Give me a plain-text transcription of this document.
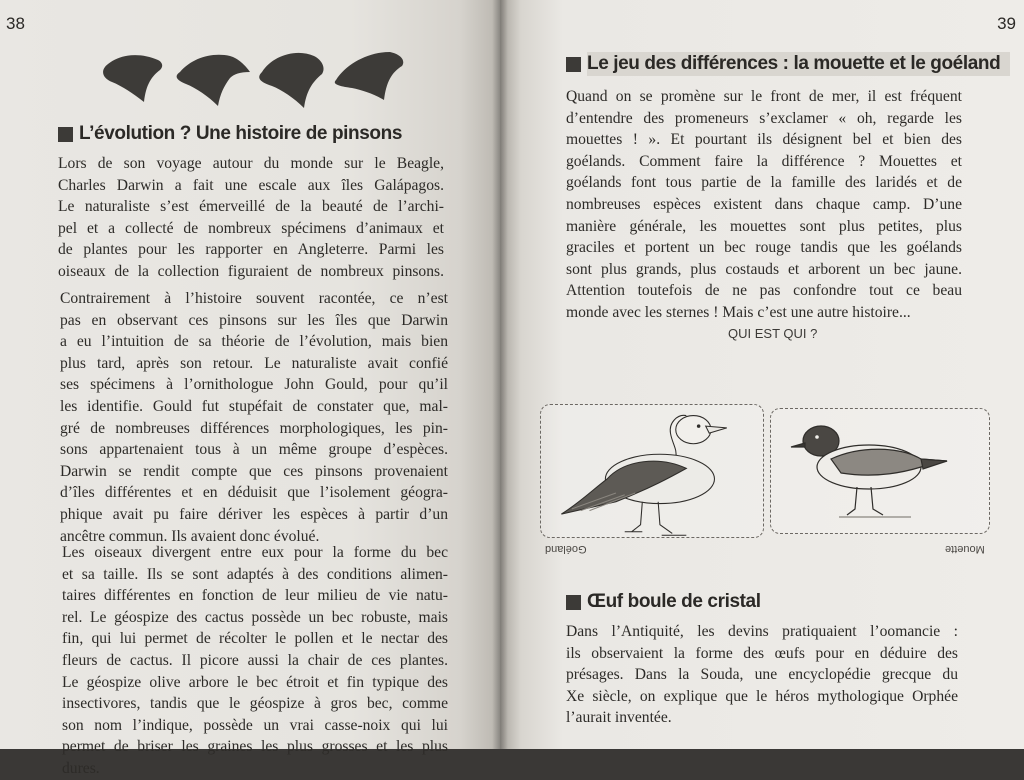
38
L’évolution ? Une histoire de pinsons
Lors de son voyage autour du monde sur le Beagle,
Charles Darwin a fait une escale aux îles Galápagos.
Le naturaliste s’est émerveillé de la beauté de l’archi-
pel et a collecté de nombreux spécimens d’animaux et
de plantes pour les rapporter en Angleterre. Parmi les
oiseaux de la collection figuraient de nombreux pinsons.
Contrairement à l’histoire souvent racontée, ce n’est
pas en observant ces pinsons sur les îles que Darwin
a eu l’intuition de sa théorie de l’évolution, mais bien
plus tard, après son retour. Le naturaliste avait confié
ses spécimens à l’ornithologue John Gould, pour qu’il
les identifie. Gould fut stupéfait de constater que, mal-
gré de nombreuses différences morphologiques, les pin-
sons appartenaient tous à un même groupe d’espèces.
Darwin se rendit compte que ces pinsons provenaient
d’îles différentes et en déduisit que l’isolement géogra-
phique avait pu faire dériver les espèces à partir d’un
ancêtre commun. Ils avaient donc évolué.
Les oiseaux divergent entre eux pour la forme du bec
et sa taille. Ils se sont adaptés à des conditions alimen-
taires différentes en fonction de leur milieu de vie natu-
rel. Le géospize des cactus possède un bec robuste, mais
fin, qui lui permet de récolter le pollen et le nectar des
fleurs de cactus. Il picore aussi la chair de ces plantes.
Le géospize olive arbore le bec étroit et fin typique des
insectivores, tandis que le géospize à gros bec, comme
son nom l’indique, possède un vrai casse-noix qui lui
permet de briser les graines les plus grosses et les plus
dures.
39
Le jeu des différences : la mouette et le goéland
Quand on se promène sur le front de mer, il est fréquent
d’entendre des promeneurs s’exclamer « oh, regarde les
mouettes ! ». Et pourtant ils désignent bel et bien des
goélands. Comment faire la différence ? Mouettes et
goélands font tous partie de la famille des laridés et de
nombreuses espèces existent dans chaque camp. D’une
manière générale, les mouettes sont plus petites, plus
graciles et portent un bec rouge tandis que les goélands
sont plus grands, plus costauds et arborent un bec jaune.
Attention toutefois de ne pas confondre tout ce beau
monde avec les sternes ! Mais c’est une autre histoire...
Goéland	Mouette
Œuf boule de cristal
Dans l’Antiquité, les devins pratiquaient l’oomancie :
ils observaient la forme des œufs pour en déduire des
présages. Dans la Souda, une encyclopédie grecque du
Xe siècle, on explique que le héros mythologique Orphée
l’aurait inventée.
QUI EST QUI ?
